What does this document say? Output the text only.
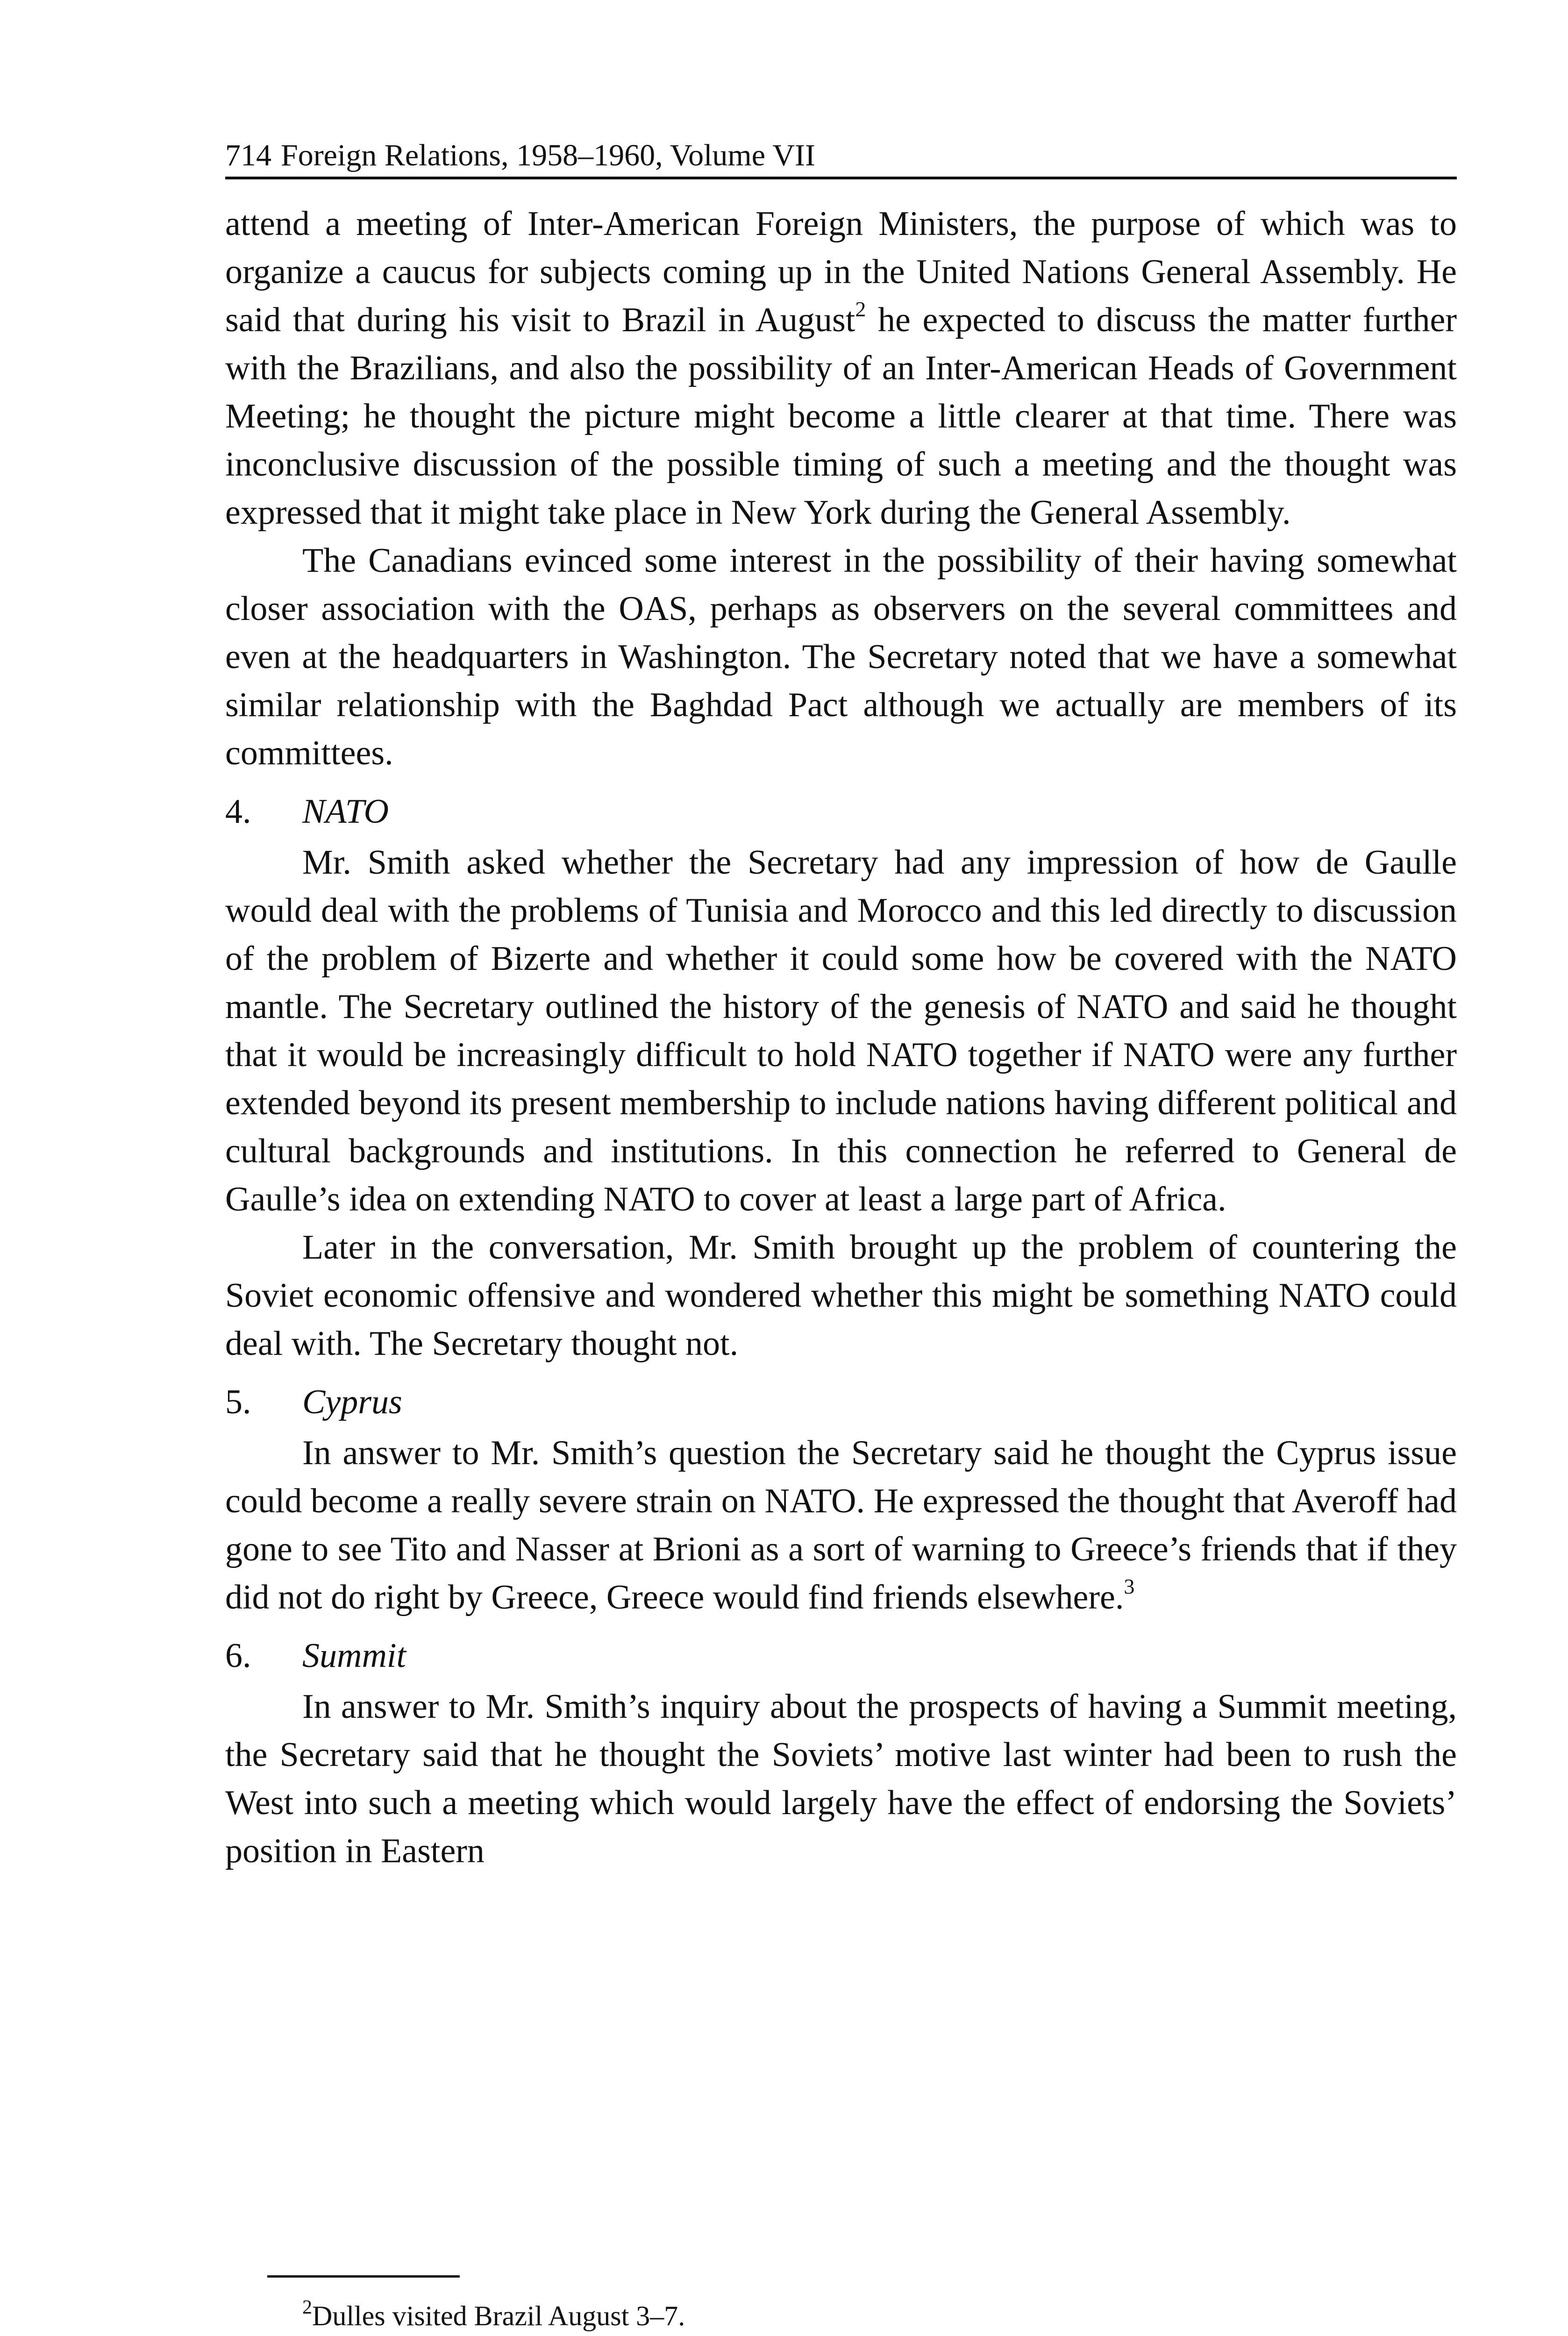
714 Foreign Relations, 1958–1960, Volume VII

attend a meeting of Inter-American Foreign Ministers, the purpose of which was to organize a caucus for subjects coming up in the United Nations General Assembly. He said that during his visit to Brazil in August$^2$ he expected to discuss the matter further with the Brazilians, and also the possibility of an Inter-American Heads of Government Meeting; he thought the picture might become a little clearer at that time. There was inconclusive discussion of the possible timing of such a meeting and the thought was expressed that it might take place in New York during the General Assembly.

The Canadians evinced some interest in the possibility of their having somewhat closer association with the OAS, perhaps as observers on the several committees and even at the headquarters in Washington. The Secretary noted that we have a somewhat similar relationship with the Baghdad Pact although we actually are members of its committees.

4. NATO

Mr. Smith asked whether the Secretary had any impression of how de Gaulle would deal with the problems of Tunisia and Morocco and this led directly to discussion of the problem of Bizerte and whether it could some how be covered with the NATO mantle. The Secretary outlined the history of the genesis of NATO and said he thought that it would be increasingly difficult to hold NATO together if NATO were any further extended beyond its present membership to include nations having different political and cultural backgrounds and institutions. In this connection he referred to General de Gaulle’s idea on extending NATO to cover at least a large part of Africa.

Later in the conversation, Mr. Smith brought up the problem of countering the Soviet economic offensive and wondered whether this might be something NATO could deal with. The Secretary thought not.

5. Cyprus

In answer to Mr. Smith’s question the Secretary said he thought the Cyprus issue could become a really severe strain on NATO. He expressed the thought that Averoff had gone to see Tito and Nasser at Brioni as a sort of warning to Greece’s friends that if they did not do right by Greece, Greece would find friends elsewhere.$^3$

6. Summit

In answer to Mr. Smith’s inquiry about the prospects of having a Summit meeting, the Secretary said that he thought the Soviets’ motive last winter had been to rush the West into such a meeting which would largely have the effect of endorsing the Soviets’ position in Eastern

$^2$Dulles visited Brazil August 3–7.
